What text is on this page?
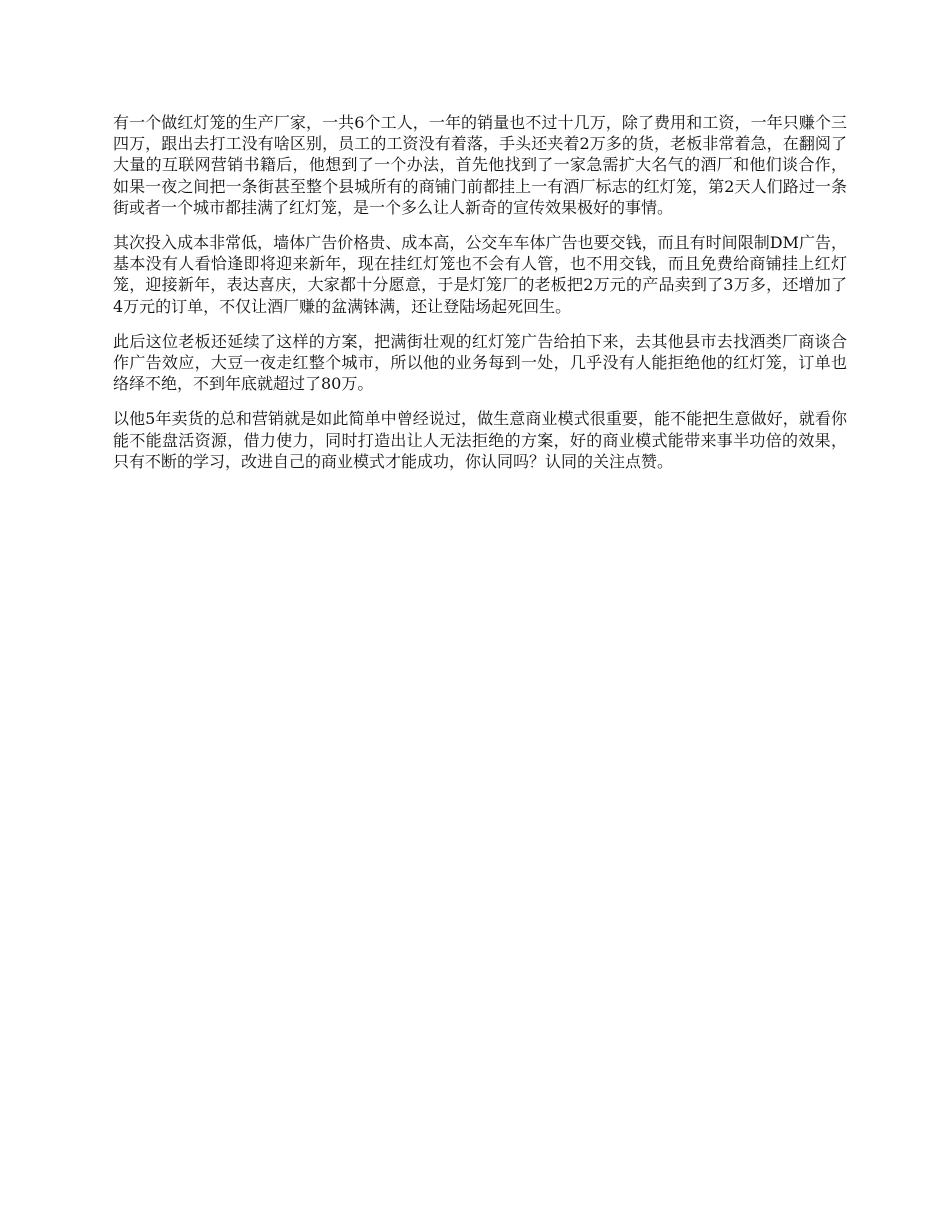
有一个做红灯笼的生产厂家，一共6个工人，一年的销量也不过十几万，除了费用和工资，一年只赚个三四万，跟出去打工没有啥区别，员工的工资没有着落，手头还夹着2万多的货，老板非常着急，在翻阅了大量的互联网营销书籍后，他想到了一个办法，首先他找到了一家急需扩大名气的酒厂和他们谈合作，如果一夜之间把一条街甚至整个县城所有的商铺门前都挂上一有酒厂标志的红灯笼，第2天人们路过一条街或者一个城市都挂满了红灯笼，是一个多么让人新奇的宣传效果极好的事情。

其次投入成本非常低，墙体广告价格贵、成本高，公交车车体广告也要交钱，而且有时间限制DM广告，基本没有人看恰逢即将迎来新年，现在挂红灯笼也不会有人管，也不用交钱，而且免费给商铺挂上红灯笼，迎接新年，表达喜庆，大家都十分愿意，于是灯笼厂的老板把2万元的产品卖到了3万多，还增加了4万元的订单，不仅让酒厂赚的盆满钵满，还让登陆场起死回生。

此后这位老板还延续了这样的方案，把满街壮观的红灯笼广告给拍下来，去其他县市去找酒类厂商谈合作广告效应，大豆一夜走红整个城市，所以他的业务每到一处，几乎没有人能拒绝他的红灯笼，订单也络绎不绝，不到年底就超过了80万。

以他5年卖货的总和营销就是如此简单中曾经说过，做生意商业模式很重要，能不能把生意做好，就看你能不能盘活资源，借力使力，同时打造出让人无法拒绝的方案，好的商业模式能带来事半功倍的效果，只有不断的学习，改进自己的商业模式才能成功，你认同吗？认同的关注点赞。
